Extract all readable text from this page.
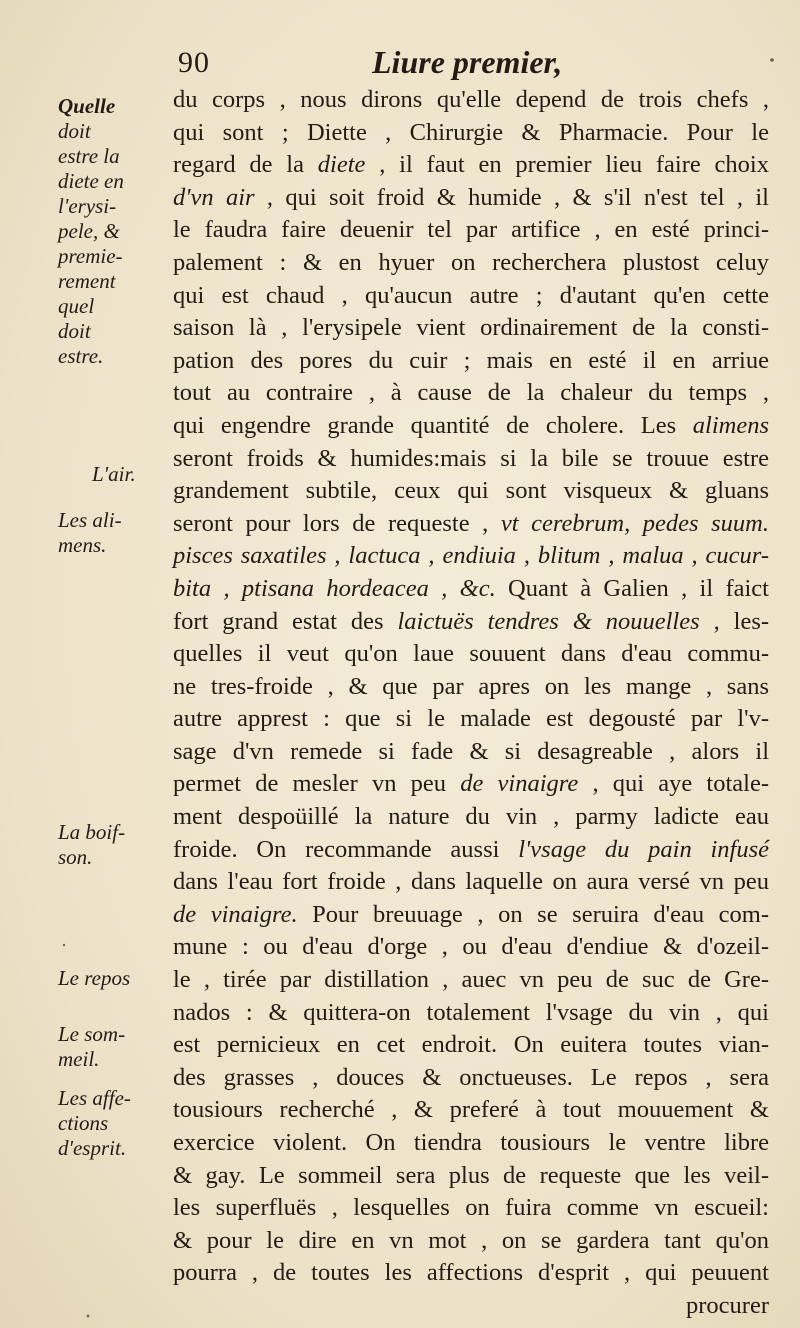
90	Liure premier,
Quelle
doit
estre la
diete en
l'erysi-
pele, &
premie-
rement
quel
doit
estre.
L'air.
Les ali-
mens.
La boif-
son.
Le repos
Le som-
meil.
Les affe-
ctions
d'esprit.
du corps , nous dirons qu'elle depend de trois chefs ,
qui sont ; Diette , Chirurgie & Pharmacie. Pour le
regard de la diete , il faut en premier lieu faire choix
d'vn air , qui soit froid & humide , & s'il n'est tel , il
le faudra faire deuenir tel par artifice , en esté princi-
palement : & en hyuer on recherchera plustost celuy
qui est chaud , qu'aucun autre ; d'autant qu'en cette
saison là , l'erysipele vient ordinairement de la consti-
pation des pores du cuir ; mais en esté il en arriue
tout au contraire , à cause de la chaleur du temps ,
qui engendre grande quantité de cholere. Les alimens
seront froids & humides:mais si la bile se trouue estre
grandement subtile, ceux qui sont visqueux & gluans
seront pour lors de requeste , vt cerebrum, pedes suum.
pisces saxatiles , lactuca , endiuia , blitum , malua , cucur-
bita , ptisana hordeacea , &c. Quant à Galien , il faict
fort grand estat des laictuës tendres & nouuelles , les-
quelles il veut qu'on laue souuent dans d'eau commu-
ne tres-froide , & que par apres on les mange , sans
autre apprest : que si le malade est degousté par l'v-
sage d'vn remede si fade & si desagreable , alors il
permet de mesler vn peu de vinaigre , qui aye totale-
ment despoüillé la nature du vin , parmy ladicte eau
froide. On recommande aussi l'vsage du pain infusé
dans l'eau fort froide , dans laquelle on aura versé vn peu
de vinaigre. Pour breuuage , on se seruira d'eau com-
mune : ou d'eau d'orge , ou d'eau d'endiue & d'ozeil-
le , tirée par distillation , auec vn peu de suc de Gre-
nados : & quittera-on totalement l'vsage du vin , qui
est pernicieux en cet endroit. On euitera toutes vian-
des grasses , douces & onctueuses. Le repos , sera
tousiours recherché , & preferé à tout mouuement &
exercice violent. On tiendra tousiours le ventre libre
& gay. Le sommeil sera plus de requeste que les veil-
les superfluës , lesquelles on fuira comme vn escueil:
& pour le dire en vn mot , on se gardera tant qu'on
pourra , de toutes les affections d'esprit , qui peuuent
procurer
